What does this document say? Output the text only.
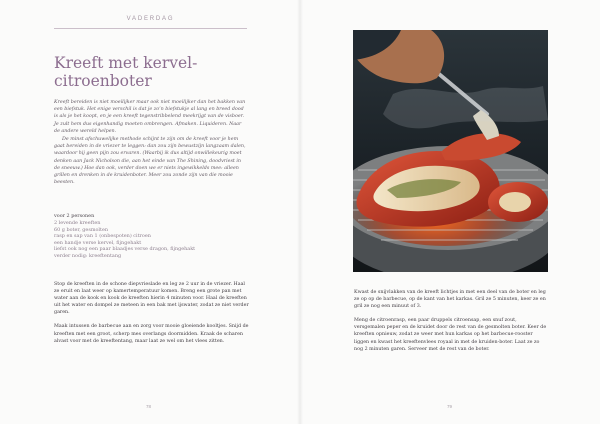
VADERDAG
Kreeft met kervel-
citroenboter

Kreeft bereiden is niet moeilijker maar ook niet moeilijker dan het bakken van een biefstuk. Het enige verschil is dat je zo’n biefstukje al lang en breed dood is als je het koopt, en je een kreeft tegenstribbelend meekrijgt van de visboer. Je zult hem dus eigenhandig moeten ombrengen. Afmaken. Liquideren. Naar de andere wereld helpen.

De minst afschuwelijke methode schijnt te zijn om de kreeft voor je hem gaat bereiden in de vriezer te leggen: dan zou zijn bewustzijn langzaam dalen, waardoor hij geen pijn zou ervaren. (Waarbij ik dus altijd onwillekeurig moet denken aan Jack Nicholson die, aan het einde van The Shining, doodvriest in de sneeuw.) Hoe dan ook, verder doen we er niets ingewikkelds mee: alleen grillen en drenken in de kruidenboter. Meer zou zonde zijn van die mooie beesten.

voor 2 personen
2 levende kreeften
60 g boter, gesmolten
rasp en sap van 1 (onbespoten) citroen
een handje verse kervel, fijngehakt
liefst ook nog een paar blaadjes verse dragon, fijngehakt
verder nodig: kreeftentang

Stop de kreeften in de schone diepvrieslade en leg ze 2 uur in de vriezer. Haal ze eruit en laat weer op kamertemperatuur komen. Breng een grote pan met water aan de kook en kook de kreeften hierin 4 minuten voor. Haal de kreeften uit het water en dompel ze meteen in een bak met ijswater, zodat ze niet verder garen.

Maak intussen de barbecue aan en zorg voor mooie gloeiende kooltjes. Snijd de kreeften met een groot, scherp mes overlangs doormidden. Kraak de scharen alvast voor met de kreeftentang, maar laat ze wel om het vlees zitten.

78

Kwast de snijvlakken van de kreeft lichtjes in met een deel van de boter en leg ze op op de barbecue, op de kant van het karkas. Gril ze 5 minuten, keer ze en gril ze nog een minuut of 3.

Meng de citroenrasp, een paar druppels citroensap, een snuf zout, versgemalen peper en de kruidet door de rest van de gesmolten boter. Keer de kreeften opnieuw, zodat ze weer met hun karkas op het barbecue-rooster liggen en kwast het kreeftenvlees royaal in met de kruiden-boter. Laat ze zo nog 2 minuten garen. Serveer met de rest van de boter.

79
